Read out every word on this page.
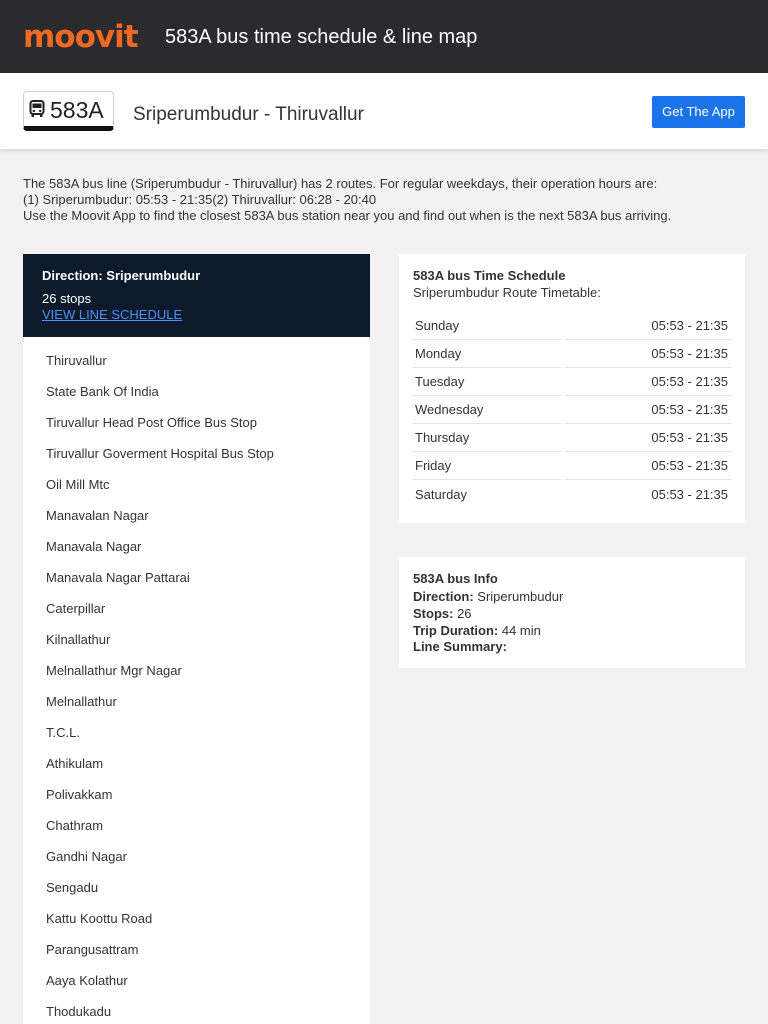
moovit 583A bus time schedule & line map
583A Sriperumbudur - Thiruvallur	Get The App
The 583A bus line (Sriperumbudur - Thiruvallur) has 2 routes. For regular weekdays, their operation hours are:
(1) Sriperumbudur: 05:53 - 21:35(2) Thiruvallur: 06:28 - 20:40
Use the Moovit App to find the closest 583A bus station near you and find out when is the next 583A bus arriving.
Direction: Sriperumbudur
26 stops
VIEW LINE SCHEDULE
Thiruvallur
State Bank Of India
Tiruvallur Head Post Office Bus Stop
Tiruvallur Goverment Hospital Bus Stop
Oil Mill Mtc
Manavalan Nagar
Manavala Nagar
Manavala Nagar Pattarai
Caterpillar
Kilnallathur
Melnallathur Mgr Nagar
Melnallathur
T.C.L.
Athikulam
Polivakkam
Chathram
Gandhi Nagar
Sengadu
Kattu Koottu Road
Parangusattram
Aaya Kolathur
Thodukadu
583A bus Time Schedule
Sriperumbudur Route Timetable:
Sunday	05:53 - 21:35
Monday	05:53 - 21:35
Tuesday	05:53 - 21:35
Wednesday	05:53 - 21:35
Thursday	05:53 - 21:35
Friday	05:53 - 21:35
Saturday	05:53 - 21:35
583A bus Info
Direction: Sriperumbudur
Stops: 26
Trip Duration: 44 min
Line Summary:
